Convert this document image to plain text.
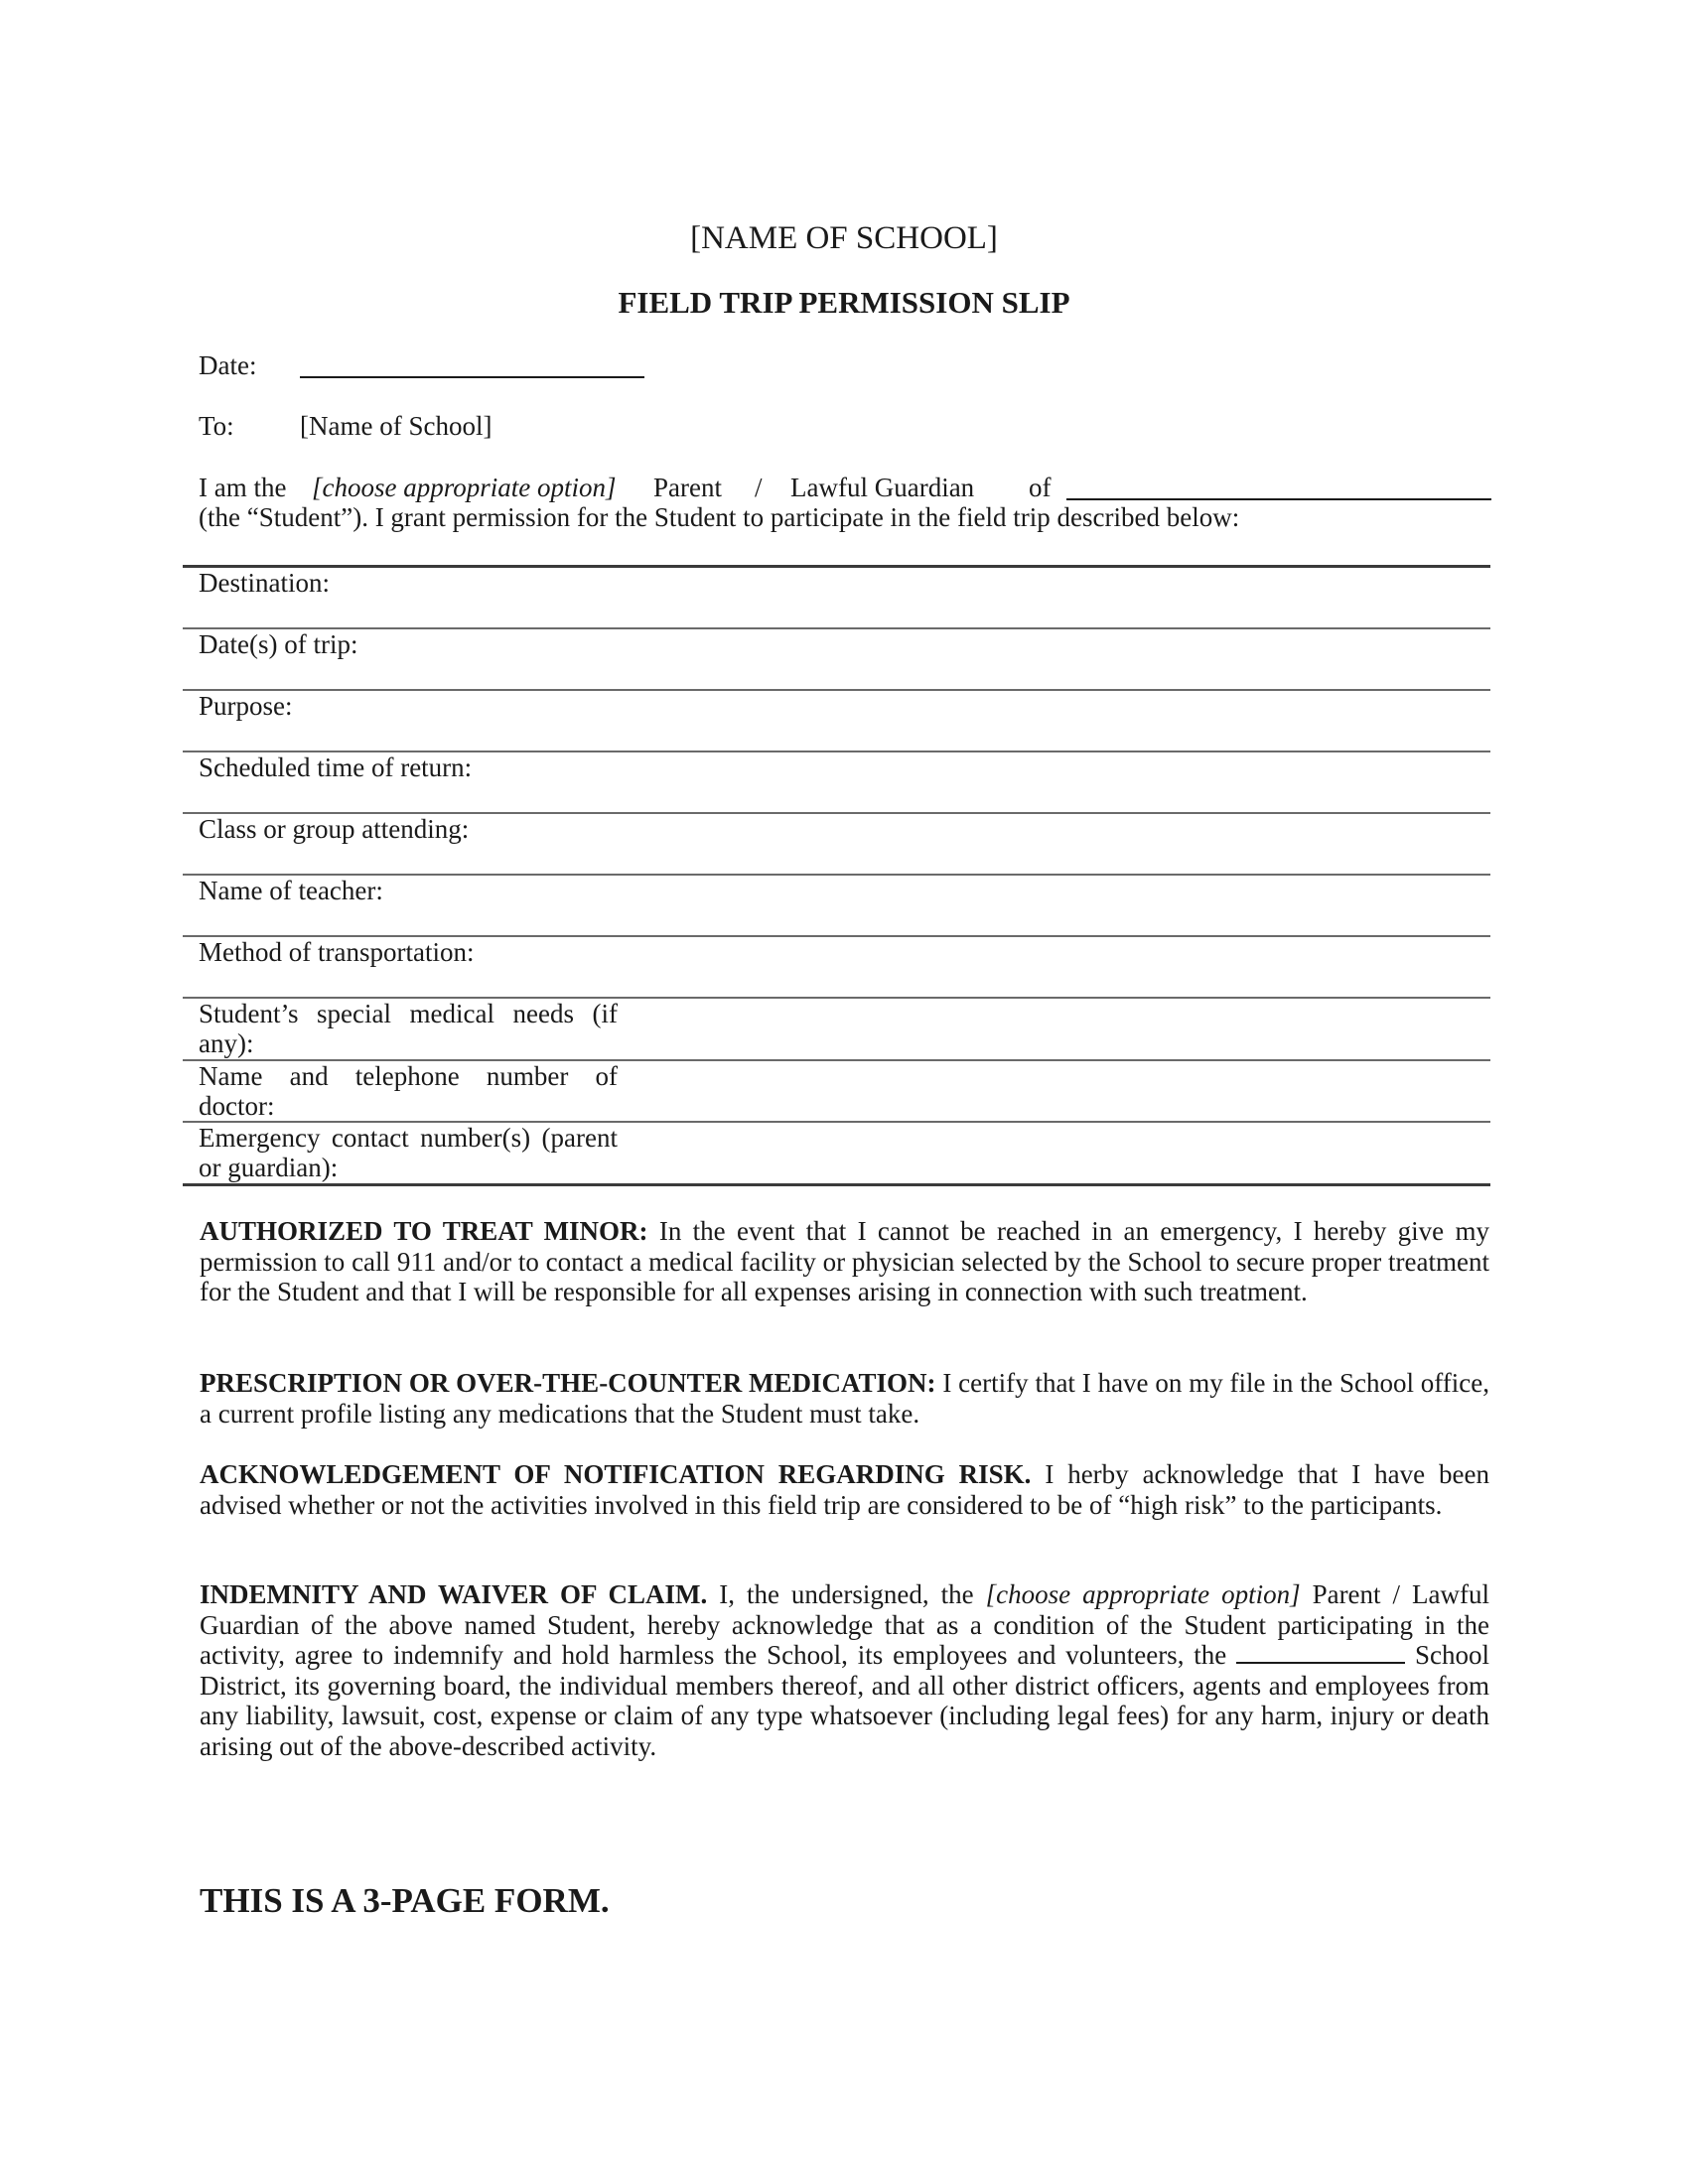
[NAME OF SCHOOL]
FIELD TRIP PERMISSION SLIP
Date:
To: [Name of School]
I am the [choose appropriate option] Parent / Lawful Guardian of
(the “Student”). I grant permission for the Student to participate in the field trip described below:
Destination:
Date(s) of trip:
Purpose:
Scheduled time of return:
Class or group attending:
Name of teacher:
Method of transportation:
Student’s special medical needs (if any):
Name and telephone number of doctor:
Emergency contact number(s) (parent or guardian):
AUTHORIZED TO TREAT MINOR: In the event that I cannot be reached in an emergency, I hereby give my permission to call 911 and/or to contact a medical facility or physician selected by the School to secure proper treatment for the Student and that I will be responsible for all expenses arising in connection with such treatment.
PRESCRIPTION OR OVER-THE-COUNTER MEDICATION: I certify that I have on my file in the School office, a current profile listing any medications that the Student must take.
ACKNOWLEDGEMENT OF NOTIFICATION REGARDING RISK. I herby acknowledge that I have been advised whether or not the activities involved in this field trip are considered to be of “high risk” to the participants.
INDEMNITY AND WAIVER OF CLAIM. I, the undersigned, the [choose appropriate option] Parent / Lawful Guardian of the above named Student, hereby acknowledge that as a condition of the Student participating in the activity, agree to indemnify and hold harmless the School, its employees and volunteers, the	School District, its governing board, the individual members thereof, and all other district officers, agents and employees from any liability, lawsuit, cost, expense or claim of any type whatsoever (including legal fees) for any harm, injury or death arising out of the above-described activity.
THIS IS A 3-PAGE FORM.
